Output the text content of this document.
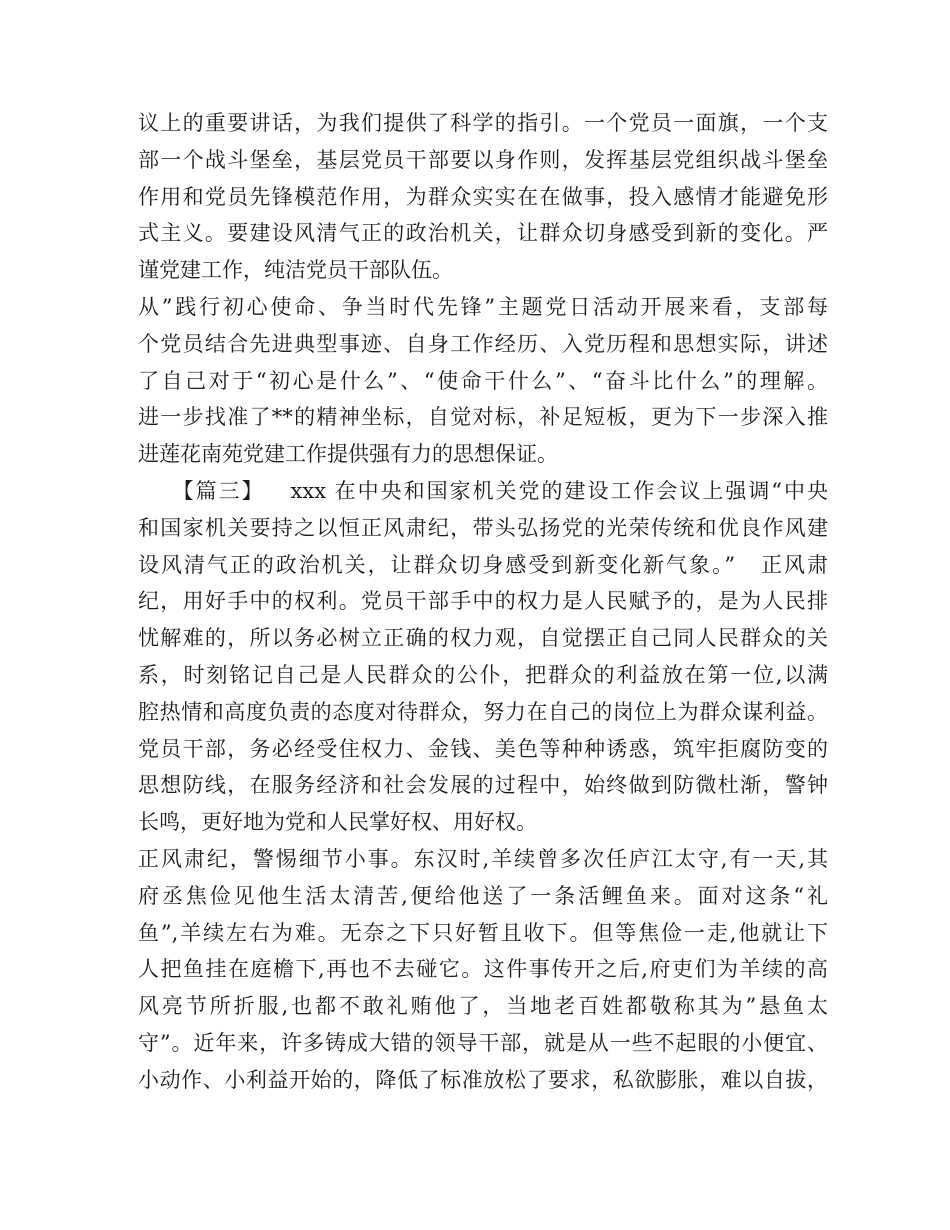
议上的重要讲话，为我们提供了科学的指引。一个党员一面旗，一个支
部一个战斗堡垒，基层党员干部要以身作则，发挥基层党组织战斗堡垒
作用和党员先锋模范作用，为群众实实在在做事，投入感情才能避免形
式主义。要建设风清气正的政治机关，让群众切身感受到新的变化。严
谨党建工作，纯洁党员干部队伍。
从”践行初心使命、争当时代先锋”主题党日活动开展来看，支部每
个党员结合先进典型事迹、自身工作经历、入党历程和思想实际，讲述
了自己对于“初心是什么”、“使命干什么”、“奋斗比什么”的理解。
进一步找准了**的精神坐标，自觉对标，补足短板，更为下一步深入推
进莲花南苑党建工作提供强有力的思想保证。
【篇三】   xxx 在中央和国家机关党的建设工作会议上强调“中央
和国家机关要持之以恒正风肃纪，带头弘扬党的光荣传统和优良作风建
设风清气正的政治机关，让群众切身感受到新变化新气象。”   正风肃
纪，用好手中的权利。党员干部手中的权力是人民赋予的，是为人民排
忧解难的，所以务必树立正确的权力观，自觉摆正自己同人民群众的关
系，时刻铭记自己是人民群众的公仆，把群众的利益放在第一位,以满
腔热情和高度负责的态度对待群众，努力在自己的岗位上为群众谋利益。
党员干部，务必经受住权力、金钱、美色等种种诱惑，筑牢拒腐防变的
思想防线，在服务经济和社会发展的过程中，始终做到防微杜渐，警钟
长鸣，更好地为党和人民掌好权、用好权。
正风肃纪，警惕细节小事。东汉时,羊续曾多次任庐江太守,有一天,其
府丞焦俭见他生活太清苦,便给他送了一条活鲤鱼来。面对这条“礼
鱼”,羊续左右为难。无奈之下只好暂且收下。但等焦俭一走,他就让下
人把鱼挂在庭檐下,再也不去碰它。这件事传开之后,府吏们为羊续的高
风亮节所折服,也都不敢礼贿他了，当地老百姓都敬称其为”悬鱼太
守”。近年来，许多铸成大错的领导干部，就是从一些不起眼的小便宜、
小动作、小利益开始的，降低了标准放松了要求，私欲膨胀，难以自拔，
